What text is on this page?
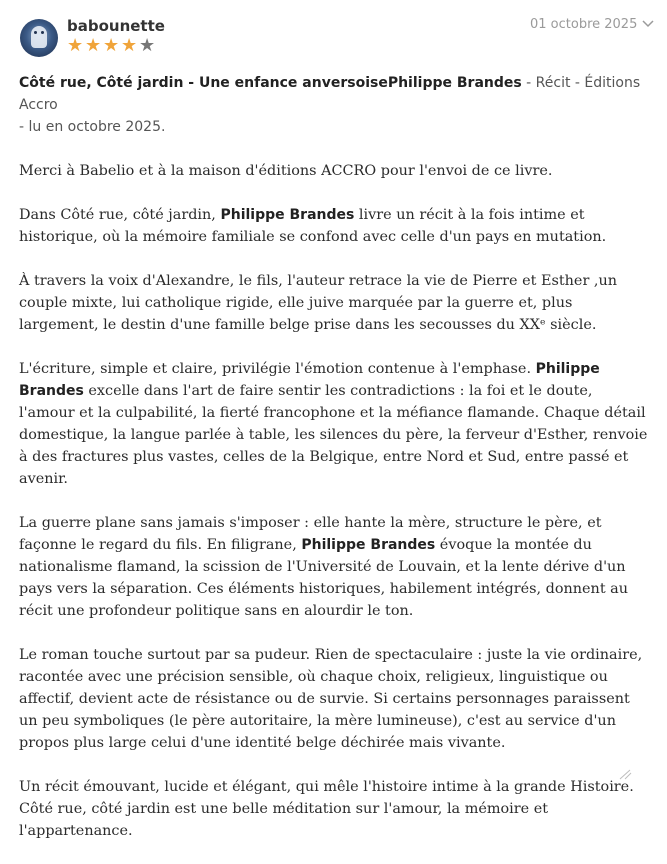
babounette
★ ★ ★ ★ ★
01 octobre 2025
Côté rue, Côté jardin - Une enfance anversoisePhilippe Brandes - Récit - Éditions Accro
- lu en octobre 2025.

Merci à Babelio et à la maison d'éditions ACCRO pour l'envoi de ce livre.

Dans Côté rue, côté jardin, Philippe Brandes livre un récit à la fois intime et historique, où la mémoire familiale se confond avec celle d'un pays en mutation.

À travers la voix d'Alexandre, le fils, l'auteur retrace la vie de Pierre et Esther ,un couple mixte, lui catholique rigide, elle juive marquée par la guerre et, plus largement, le destin d'une famille belge prise dans les secousses du XXᵉ siècle.

L'écriture, simple et claire, privilégie l'émotion contenue à l'emphase. Philippe Brandes excelle dans l'art de faire sentir les contradictions : la foi et le doute, l'amour et la culpabilité, la fierté francophone et la méfiance flamande. Chaque détail domestique, la langue parlée à table, les silences du père, la ferveur d'Esther, renvoie à des fractures plus vastes, celles de la Belgique, entre Nord et Sud, entre passé et avenir.

La guerre plane sans jamais s'imposer : elle hante la mère, structure le père, et façonne le regard du fils. En filigrane, Philippe Brandes évoque la montée du nationalisme flamand, la scission de l'Université de Louvain, et la lente dérive d'un pays vers la séparation. Ces éléments historiques, habilement intégrés, donnent au récit une profondeur politique sans en alourdir le ton.

Le roman touche surtout par sa pudeur. Rien de spectaculaire : juste la vie ordinaire, racontée avec une précision sensible, où chaque choix, religieux, linguistique ou affectif, devient acte de résistance ou de survie. Si certains personnages paraissent un peu symboliques (le père autoritaire, la mère lumineuse), c'est au service d'un propos plus large celui d'une identité belge déchirée mais vivante.

Un récit émouvant, lucide et élégant, qui mêle l'histoire intime à la grande Histoire. Côté rue, côté jardin est une belle méditation sur l'amour, la mémoire et l'appartenance.
